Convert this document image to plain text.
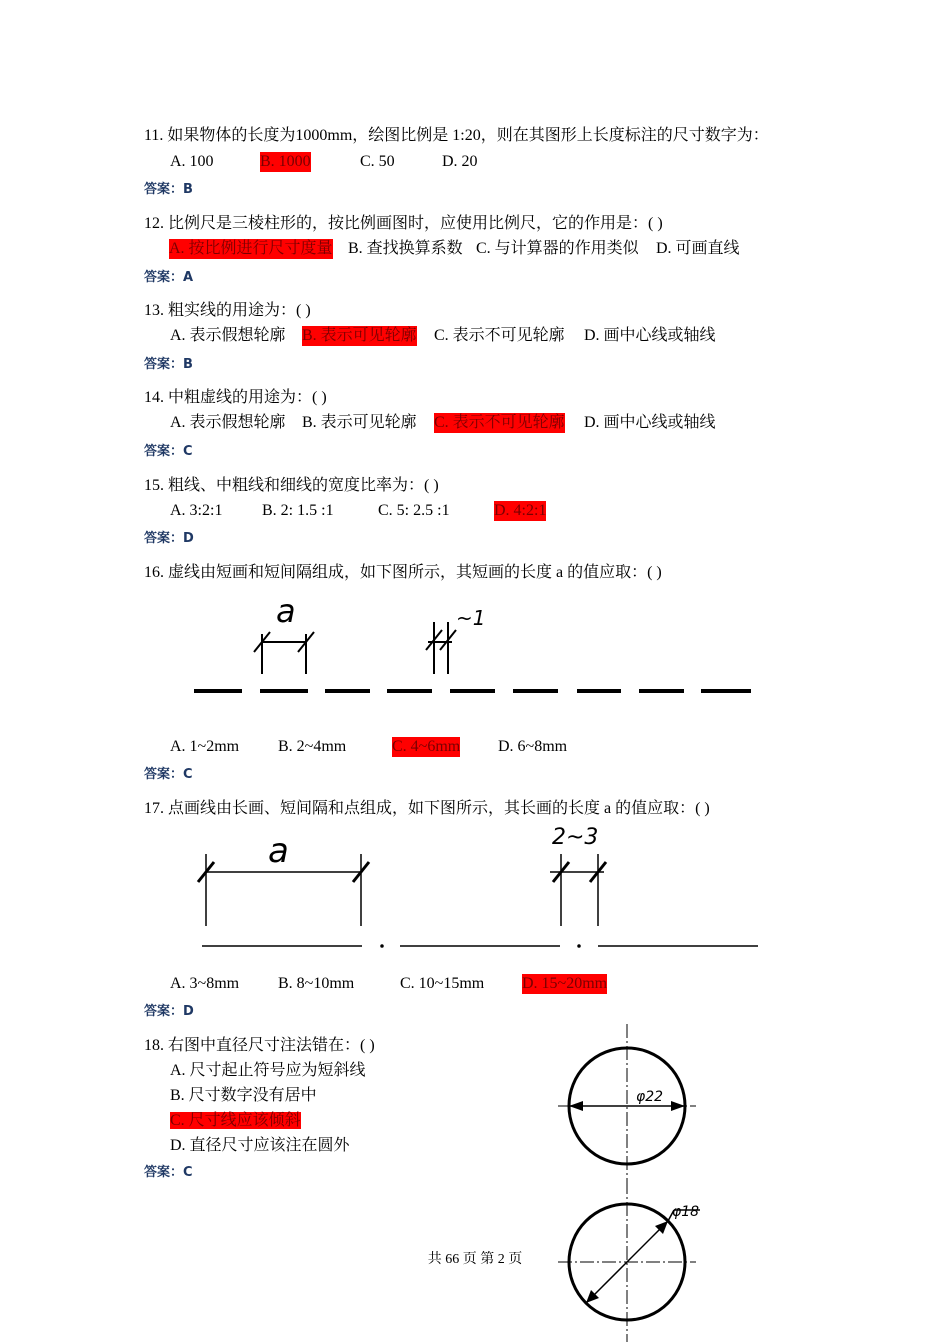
11. 如果物体的长度为1000mm，绘图比例是 1:20，则在其图形上长度标注的尺寸数字为：
A. 100	B. 1000	C. 50	D. 20
答案：B
12. 比例尺是三棱柱形的，按比例画图时，应使用比例尺，它的作用是：( )
A. 按比例进行尺寸度量 B. 查找换算系数 C. 与计算器的作用类似 D. 可画直线
答案：A
13. 粗实线的用途为：( )
A. 表示假想轮廓 B. 表示可见轮廓 C. 表示不可见轮廓 D. 画中心线或轴线
答案：B
14. 中粗虚线的用途为：( )
A. 表示假想轮廓 B. 表示可见轮廓 C. 表示不可见轮廓 D. 画中心线或轴线
答案：C
15. 粗线、中粗线和细线的宽度比率为：( )
A. 3:2:1 B. 2: 1.5 :1	C. 5: 2.5 :1	D. 4:2:1
答案：D
16. 虚线由短画和短间隔组成，如下图所示，其短画的长度 a 的值应取：( )
a	~1
A. 1~2mm B. 2~4mm	C. 4~6mm D. 6~8mm
答案：C
17. 点画线由长画、短间隔和点组成，如下图所示，其长画的长度 a 的值应取：( )
a	2~3
A. 3~8mm B. 8~10mm	C. 10~15mm D. 15~20mm
答案：D
18. 右图中直径尺寸注法错在：( )
A. 尺寸起止符号应为短斜线
B. 尺寸数字没有居中
C. 尺寸线应该倾斜
D. 直径尺寸应该注在圆外
答案：C
φ22
φ18
共 66 页 第 2 页
